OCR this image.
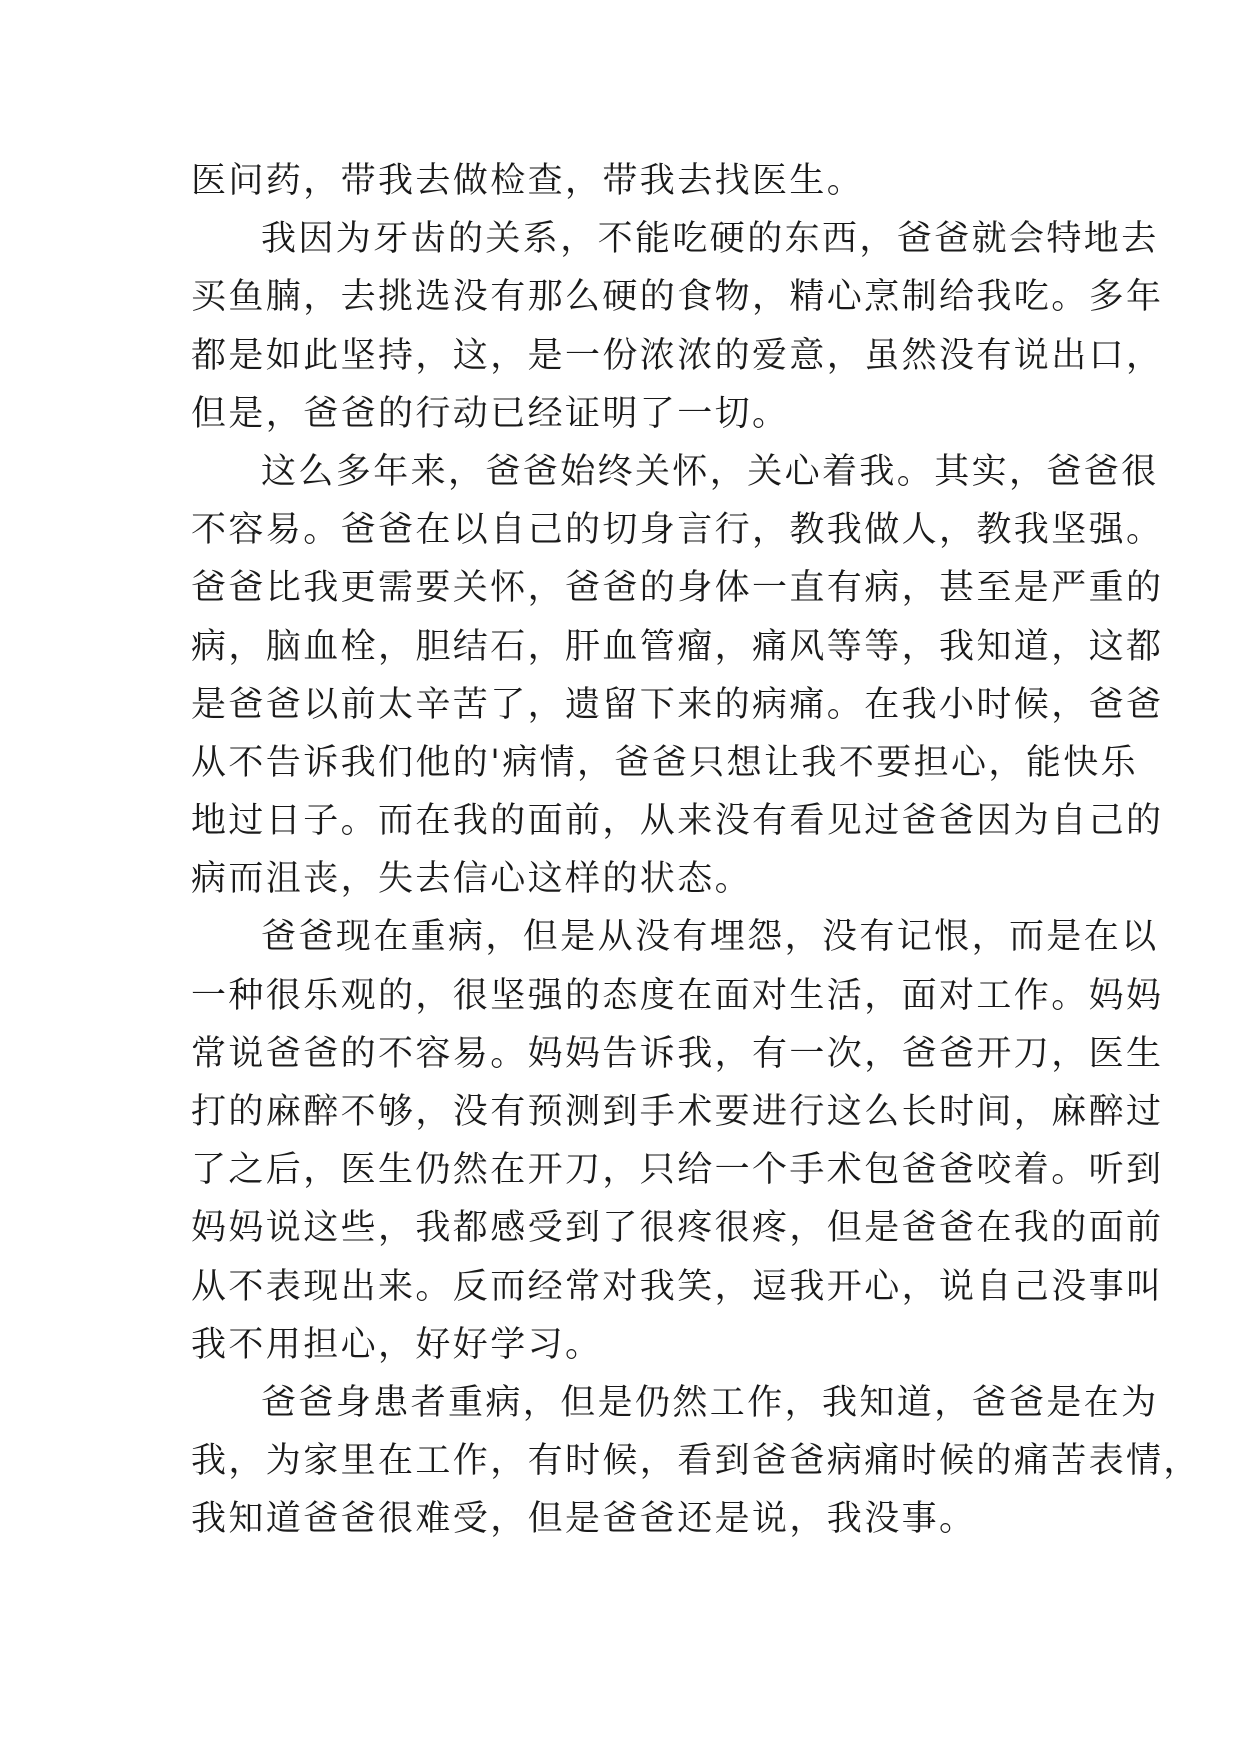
医问药，带我去做检查，带我去找医生。
我因为牙齿的关系，不能吃硬的东西，爸爸就会特地去
买鱼腩，去挑选没有那么硬的食物，精心烹制给我吃。多年
都是如此坚持，这，是一份浓浓的爱意，虽然没有说出口，
但是，爸爸的行动已经证明了一切。
这么多年来，爸爸始终关怀，关心着我。其实，爸爸很
不容易。爸爸在以自己的切身言行，教我做人，教我坚强。
爸爸比我更需要关怀，爸爸的身体一直有病，甚至是严重的
病，脑血栓，胆结石，肝血管瘤，痛风等等，我知道，这都
是爸爸以前太辛苦了，遗留下来的病痛。在我小时候，爸爸
从不告诉我们他的'病情，爸爸只想让我不要担心，能快乐
地过日子。而在我的面前，从来没有看见过爸爸因为自己的
病而沮丧，失去信心这样的状态。
爸爸现在重病，但是从没有埋怨，没有记恨，而是在以
一种很乐观的，很坚强的态度在面对生活，面对工作。妈妈
常说爸爸的不容易。妈妈告诉我，有一次，爸爸开刀，医生
打的麻醉不够，没有预测到手术要进行这么长时间，麻醉过
了之后，医生仍然在开刀，只给一个手术包爸爸咬着。听到
妈妈说这些，我都感受到了很疼很疼，但是爸爸在我的面前
从不表现出来。反而经常对我笑，逗我开心，说自己没事叫
我不用担心，好好学习。
爸爸身患者重病，但是仍然工作，我知道，爸爸是在为
我，为家里在工作，有时候，看到爸爸病痛时候的痛苦表情，
我知道爸爸很难受，但是爸爸还是说，我没事。
